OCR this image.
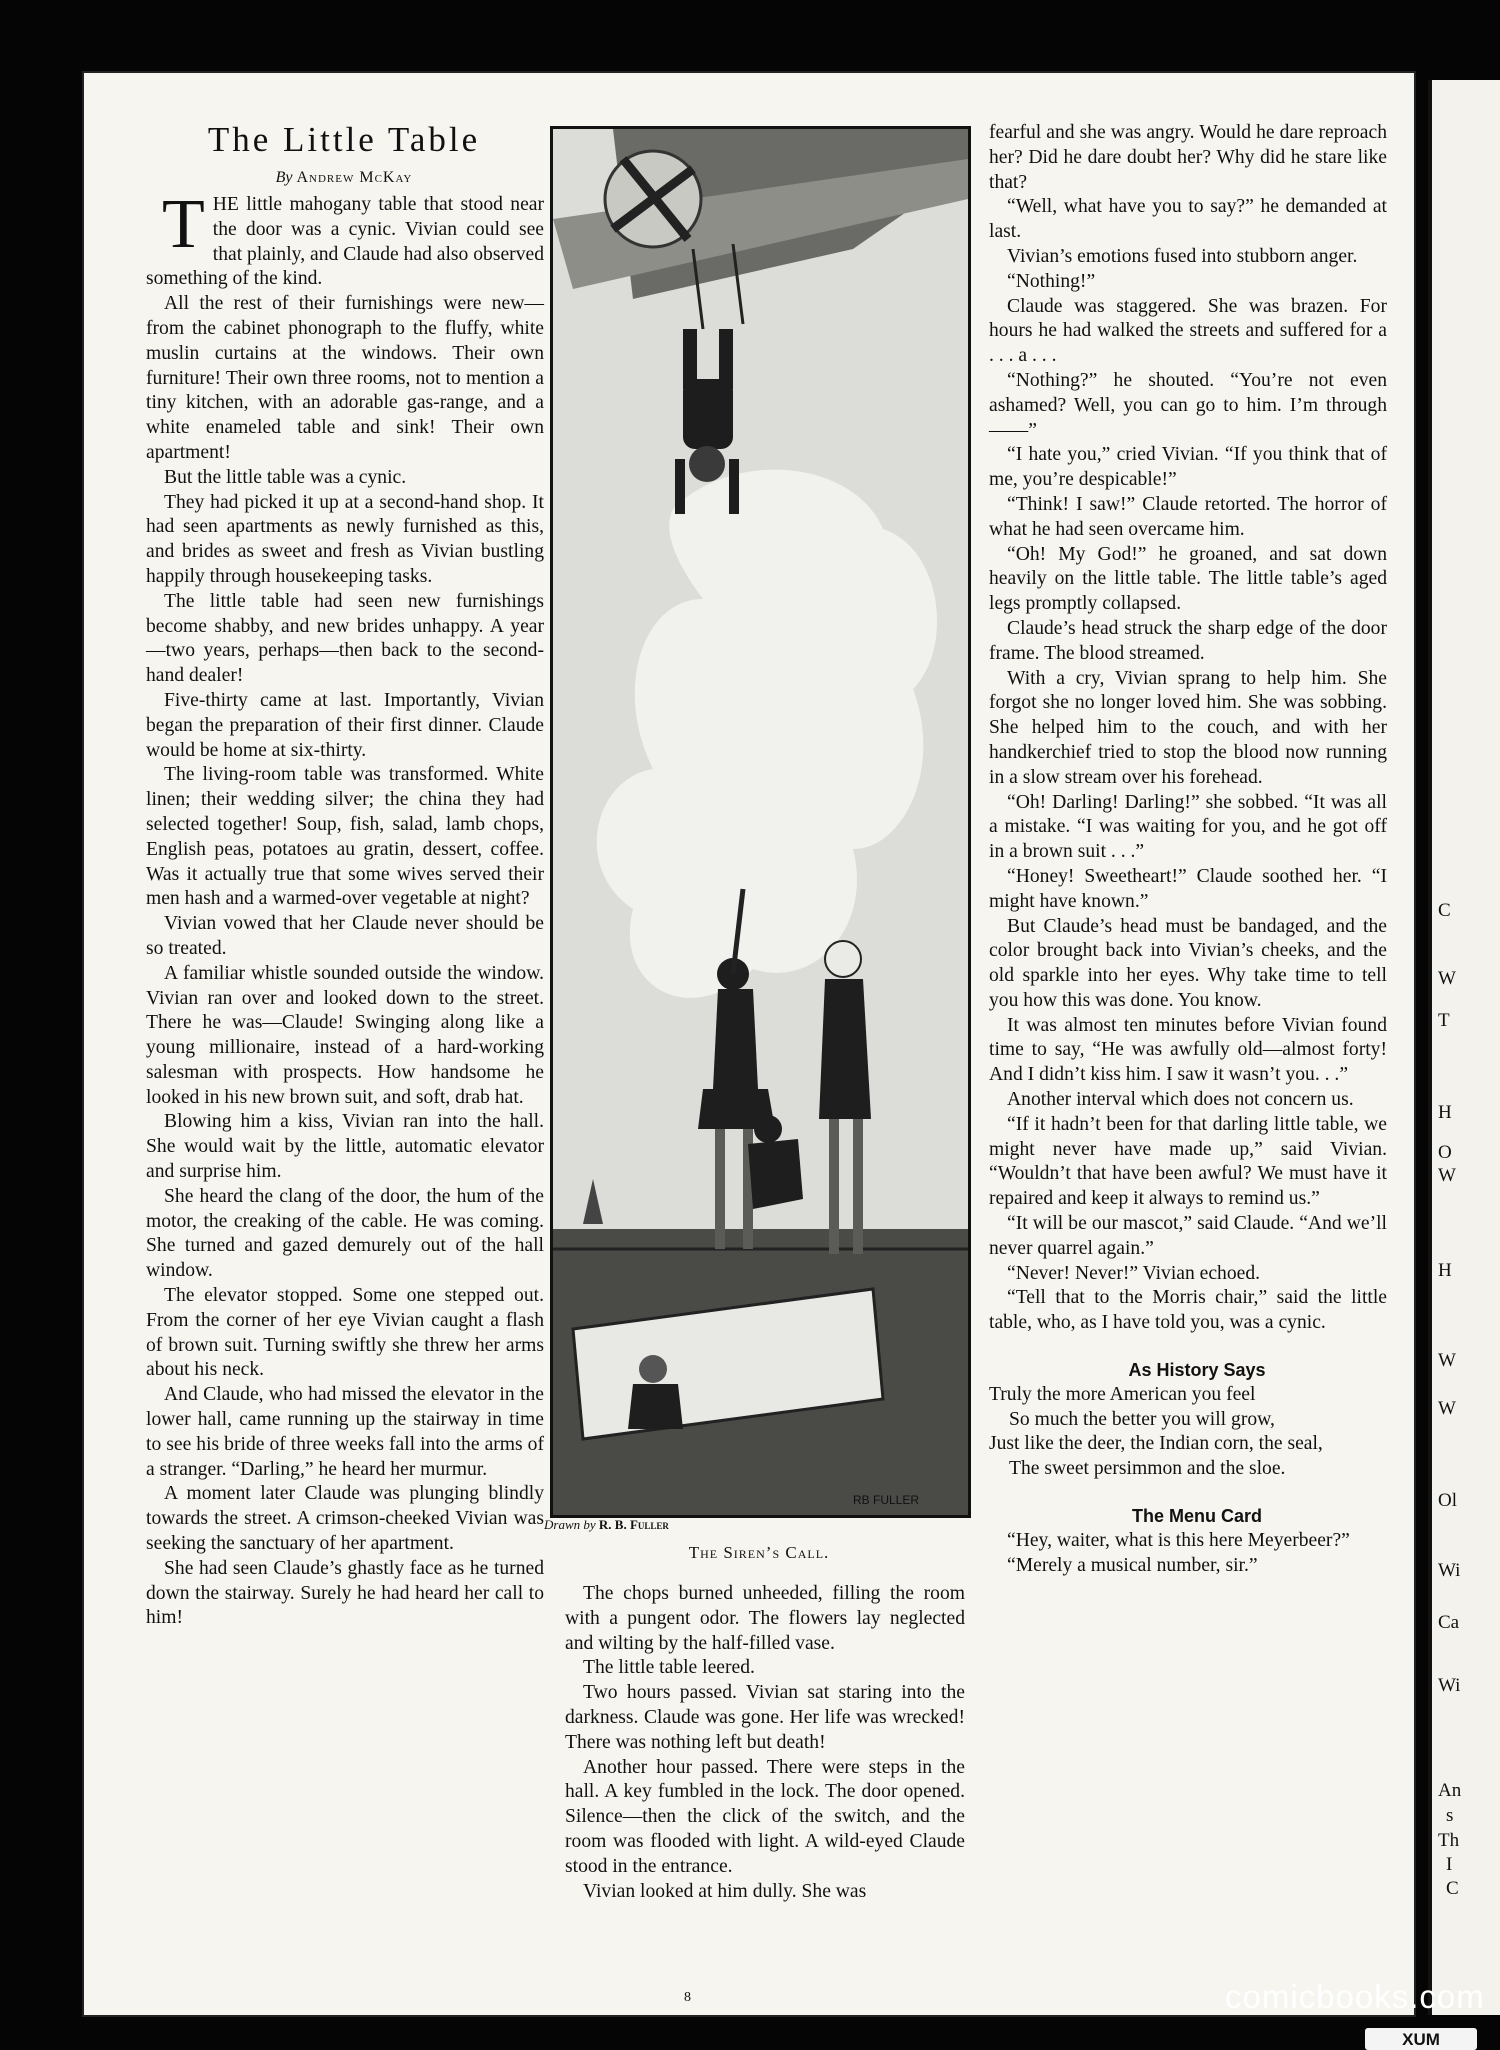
The Little Table
By Andrew McKay

THE little mahogany table that stood near the door was a cynic. Vivian could see that plainly, and Claude had also observed something of the kind.

All the rest of their furnishings were new—from the cabinet phonograph to the fluffy, white muslin curtains at the windows. Their own furniture! Their own three rooms, not to mention a tiny kitchen, with an adorable gas-range, and a white enameled table and sink! Their own apartment!

But the little table was a cynic.

They had picked it up at a second-hand shop. It had seen apartments as newly furnished as this, and brides as sweet and fresh as Vivian bustling happily through housekeeping tasks.

The little table had seen new furnishings become shabby, and new brides unhappy. A year—two years, perhaps—then back to the second-hand dealer!

Five-thirty came at last. Importantly, Vivian began the preparation of their first dinner. Claude would be home at six-thirty.

The living-room table was transformed. White linen; their wedding silver; the china they had selected together! Soup, fish, salad, lamb chops, English peas, potatoes au gratin, dessert, coffee. Was it actually true that some wives served their men hash and a warmed-over vegetable at night?

Vivian vowed that her Claude never should be so treated.

A familiar whistle sounded outside the window. Vivian ran over and looked down to the street. There he was—Claude! Swinging along like a young millionaire, instead of a hard-working salesman with prospects. How handsome he looked in his new brown suit, and soft, drab hat.

Blowing him a kiss, Vivian ran into the hall. She would wait by the little, automatic elevator and surprise him.

She heard the clang of the door, the hum of the motor, the creaking of the cable. He was coming. She turned and gazed demurely out of the hall window.

The elevator stopped. Some one stepped out. From the corner of her eye Vivian caught a flash of brown suit. Turning swiftly she threw her arms about his neck.

And Claude, who had missed the elevator in the lower hall, came running up the stairway in time to see his bride of three weeks fall into the arms of a stranger. “Darling,” he heard her murmur.

A moment later Claude was plunging blindly towards the street. A crimson-cheeked Vivian was seeking the sanctuary of her apartment.

She had seen Claude’s ghastly face as he turned down the stairway. Surely he had heard her call to him!

RB FULLER
Drawn by R. B. Fuller
The Siren’s Call.

The chops burned unheeded, filling the room with a pungent odor. The flowers lay neglected and wilting by the half-filled vase.

The little table leered.

Two hours passed. Vivian sat staring into the darkness. Claude was gone. Her life was wrecked! There was nothing left but death!

Another hour passed. There were steps in the hall. A key fumbled in the lock. The door opened. Silence—then the click of the switch, and the room was flooded with light. A wild-eyed Claude stood in the entrance.

Vivian looked at him dully. She was

fearful and she was angry. Would he dare reproach her? Did he dare doubt her? Why did he stare like that?

“Well, what have you to say?” he demanded at last.

Vivian’s emotions fused into stubborn anger.

“Nothing!”

Claude was staggered. She was brazen. For hours he had walked the streets and suffered for a . . . a . . .

“Nothing?” he shouted. “You’re not even ashamed? Well, you can go to him. I’m through——”

“I hate you,” cried Vivian. “If you think that of me, you’re despicable!”

“Think! I saw!” Claude retorted. The horror of what he had seen overcame him.

“Oh! My God!” he groaned, and sat down heavily on the little table. The little table’s aged legs promptly collapsed.

Claude’s head struck the sharp edge of the door frame. The blood streamed.

With a cry, Vivian sprang to help him. She forgot she no longer loved him. She was sobbing. She helped him to the couch, and with her handkerchief tried to stop the blood now running in a slow stream over his forehead.

“Oh! Darling! Darling!” she sobbed. “It was all a mistake. “I was waiting for you, and he got off in a brown suit . . .”

“Honey! Sweetheart!” Claude soothed her. “I might have known.”

But Claude’s head must be bandaged, and the color brought back into Vivian’s cheeks, and the old sparkle into her eyes. Why take time to tell you how this was done. You know.

It was almost ten minutes before Vivian found time to say, “He was awfully old—almost forty! And I didn’t kiss him. I saw it wasn’t you. . .”

Another interval which does not concern us.

“If it hadn’t been for that darling little table, we might never have made up,” said Vivian. “Wouldn’t that have been awful? We must have it repaired and keep it always to remind us.”

“It will be our mascot,” said Claude. “And we’ll never quarrel again.”

“Never! Never!” Vivian echoed.

“Tell that to the Morris chair,” said the little table, who, as I have told you, was a cynic.

As History Says

Truly the more American you feel

So much the better you will grow,

Just like the deer, the Indian corn, the seal,

The sweet persimmon and the sloe.

The Menu Card

“Hey, waiter, what is this here Meyerbeer?”

“Merely a musical number, sir.”

8
C
W
T
H
O
W
H
W
W
Ol
Wi
Ca
Wi
An
s
Th
I
C
comicbooks.com
XUM
